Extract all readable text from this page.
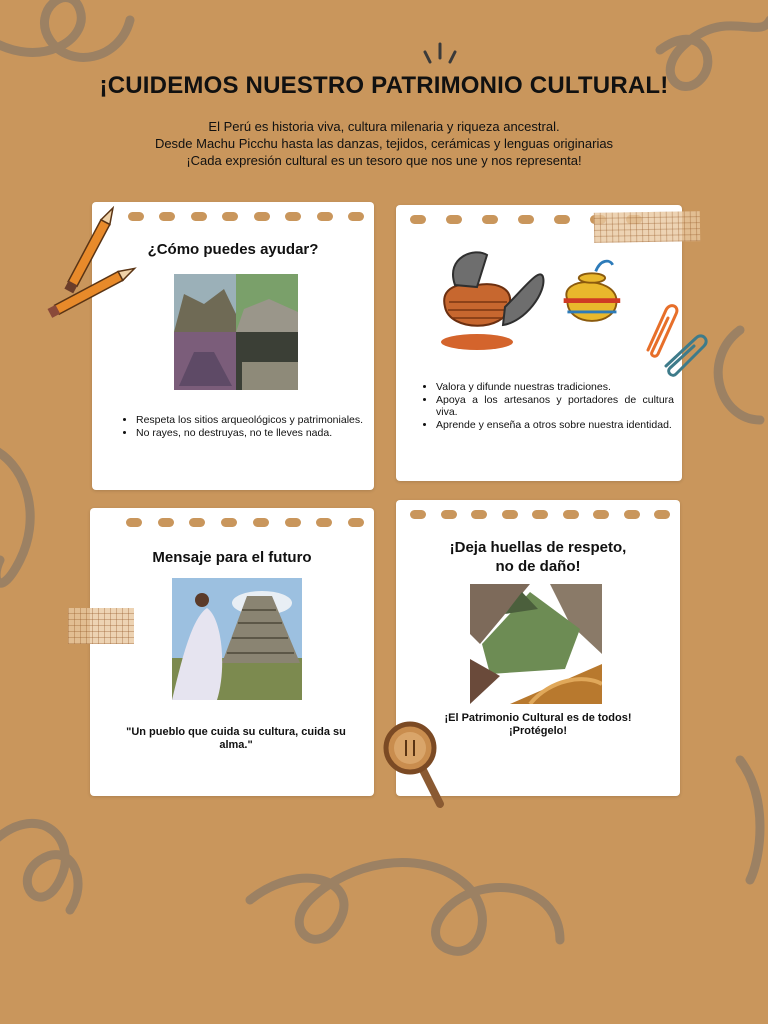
¡CUIDEMOS NUESTRO PATRIMONIO CULTURAL!
El Perú es historia viva, cultura milenaria y riqueza ancestral.
Desde Machu Picchu hasta las danzas, tejidos, cerámicas y lenguas originarias
¡Cada expresión cultural es un tesoro que nos une y nos representa!
¿Cómo puedes ayudar?
• Respeta los sitios arqueológicos y patrimoniales.
• No rayes, no destruyas, no te lleves nada.
• Valora y difunde nuestras tradiciones.
• Apoya a los artesanos y portadores de cultura viva.
• Aprende y enseña a otros sobre nuestra identidad.
Mensaje para el futuro
"Un pueblo que cuida su cultura, cuida su alma."
¡Deja huellas de respeto,
no de daño!
¡El Patrimonio Cultural es de todos!
¡Protégelo!
